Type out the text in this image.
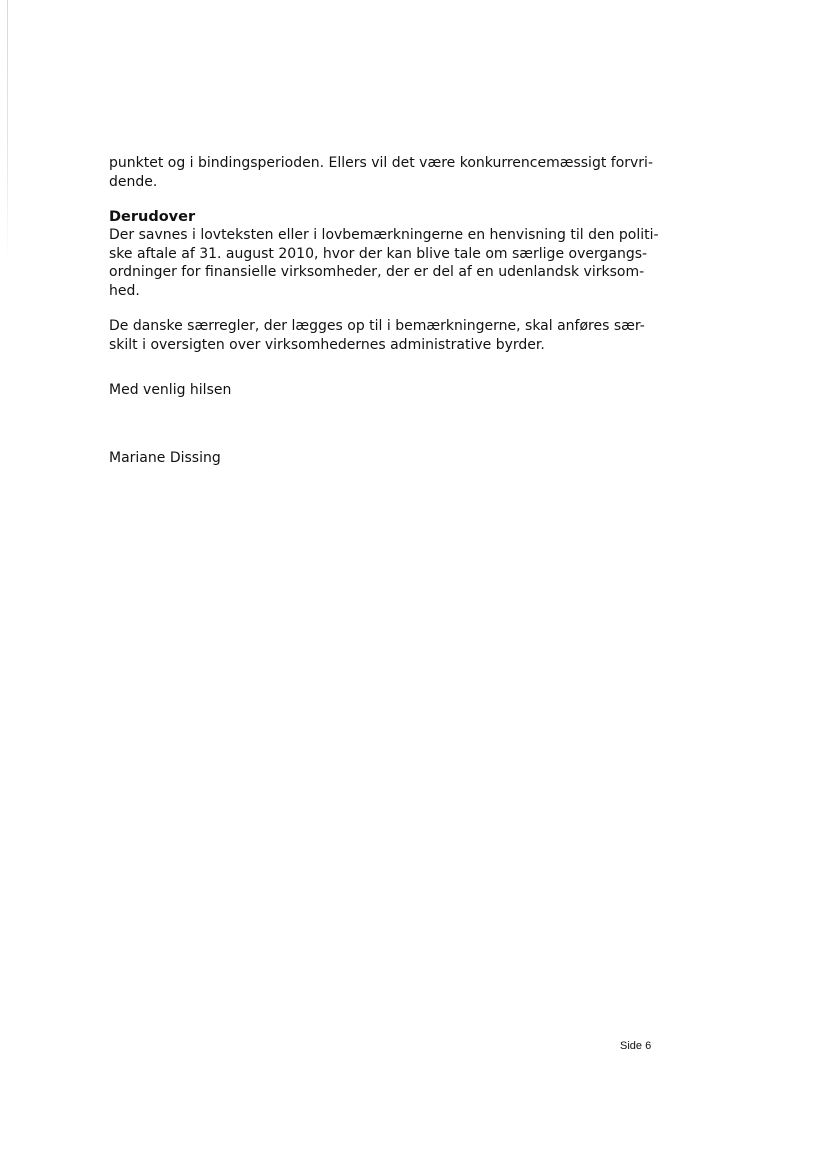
punktet og i bindingsperioden. Ellers vil det være konkurrencemæssigt forvri-
dende.

Derudover
Der savnes i lovteksten eller i lovbemærkningerne en henvisning til den politi-
ske aftale af 31. august 2010, hvor der kan blive tale om særlige overgangs-
ordninger for finansielle virksomheder, der er del af en udenlandsk virksom-
hed.

De danske særregler, der lægges op til i bemærkningerne, skal anføres sær-
skilt i oversigten over virksomhedernes administrative byrder.

Med venlig hilsen
Mariane Dissing
Side 6
